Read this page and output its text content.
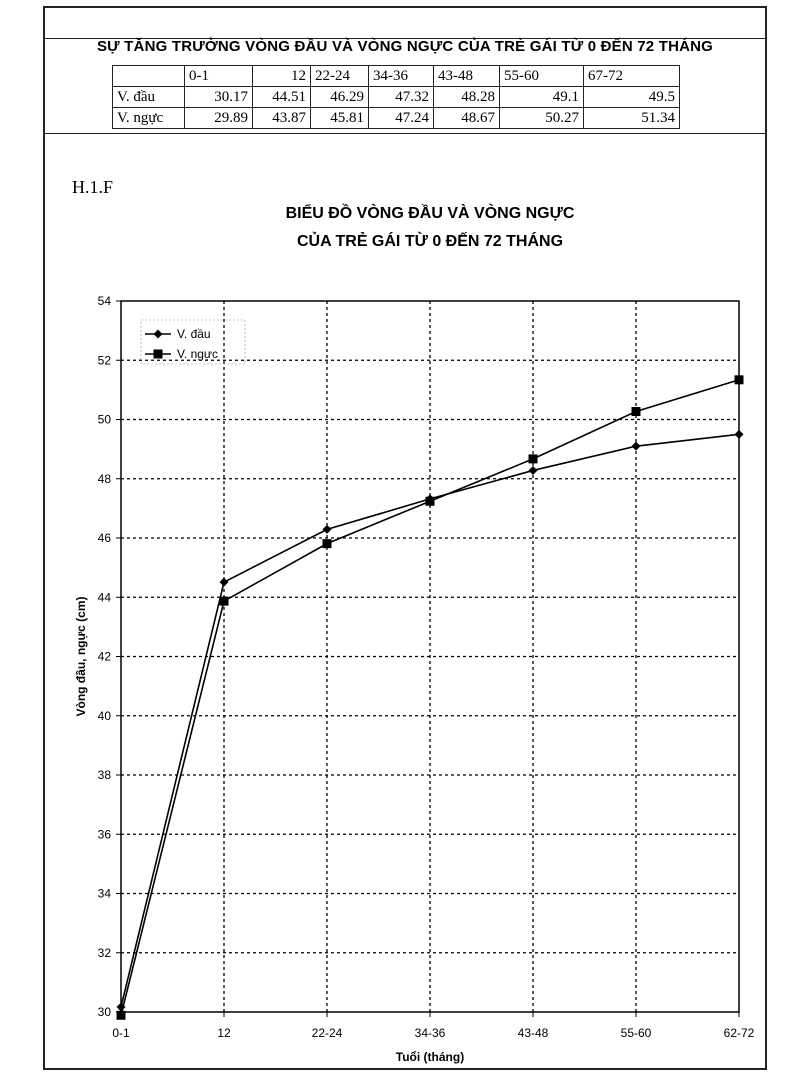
SỰ TĂNG TRƯỞNG VÒNG ĐẦU VÀ VÒNG NGỰC CỦA TRẺ GÁI TỪ 0 ĐẾN 72 THÁNG
	0-1	12	22-24	34-36	43-48	55-60	67-72
V. đầu	30.17	44.51	46.29	47.32	48.28	49.1	49.5
V. ngực	29.89	43.87	45.81	47.24	48.67	50.27	51.34
H.1.F
BIỂU ĐỒ VÒNG ĐẦU VÀ VÒNG NGỰC
CỦA TRẺ GÁI TỪ 0 ĐẾN 72 THÁNG
30
32
34
36
38
40
42
44
46
48
50
52
54
0-1	12	22-24	34-36	43-48	55-60	62-72
Tuổi (tháng)
Vòng đầu, ngực (cm)
V. đầu
V. ngực
